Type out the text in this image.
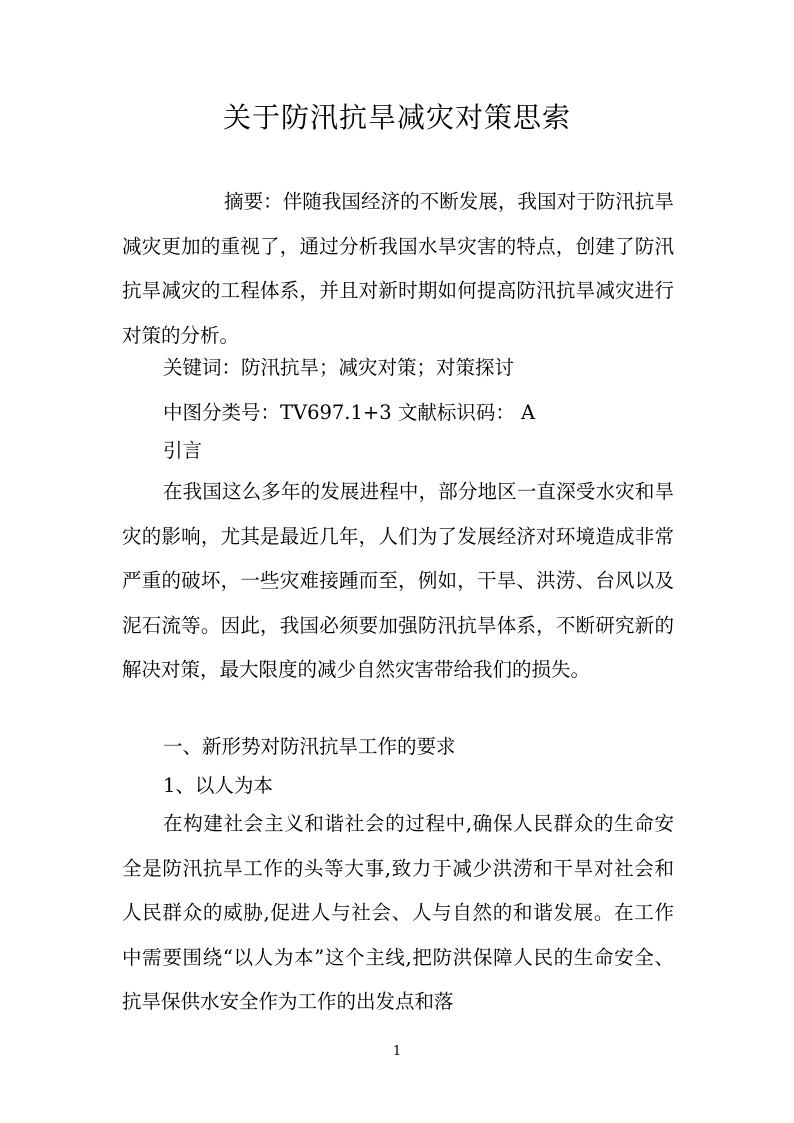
关于防汛抗旱减灾对策思索
摘要：伴随我国经济的不断发展，我国对于防汛抗旱减灾更加的重视了，通过分析我国水旱灾害的特点，创建了防汛抗旱减灾的工程体系，并且对新时期如何提高防汛抗旱减灾进行对策的分析。
关键词：防汛抗旱；减灾对策；对策探讨
中图分类号：TV697.1+3 文献标识码： A
引言
在我国这么多年的发展进程中，部分地区一直深受水灾和旱灾的影响，尤其是最近几年，人们为了发展经济对环境造成非常严重的破坏，一些灾难接踵而至，例如，干旱、洪涝、台风以及泥石流等。因此，我国必须要加强防汛抗旱体系，不断研究新的解决对策，最大限度的减少自然灾害带给我们的损失。
一、新形势对防汛抗旱工作的要求
1、以人为本
在构建社会主义和谐社会的过程中,确保人民群众的生命安全是防汛抗旱工作的头等大事,致力于减少洪涝和干旱对社会和人民群众的威胁,促进人与社会、人与自然的和谐发展。在工作中需要围绕“以人为本”这个主线,把防洪保障人民的生命安全、抗旱保供水安全作为工作的出发点和落
1
